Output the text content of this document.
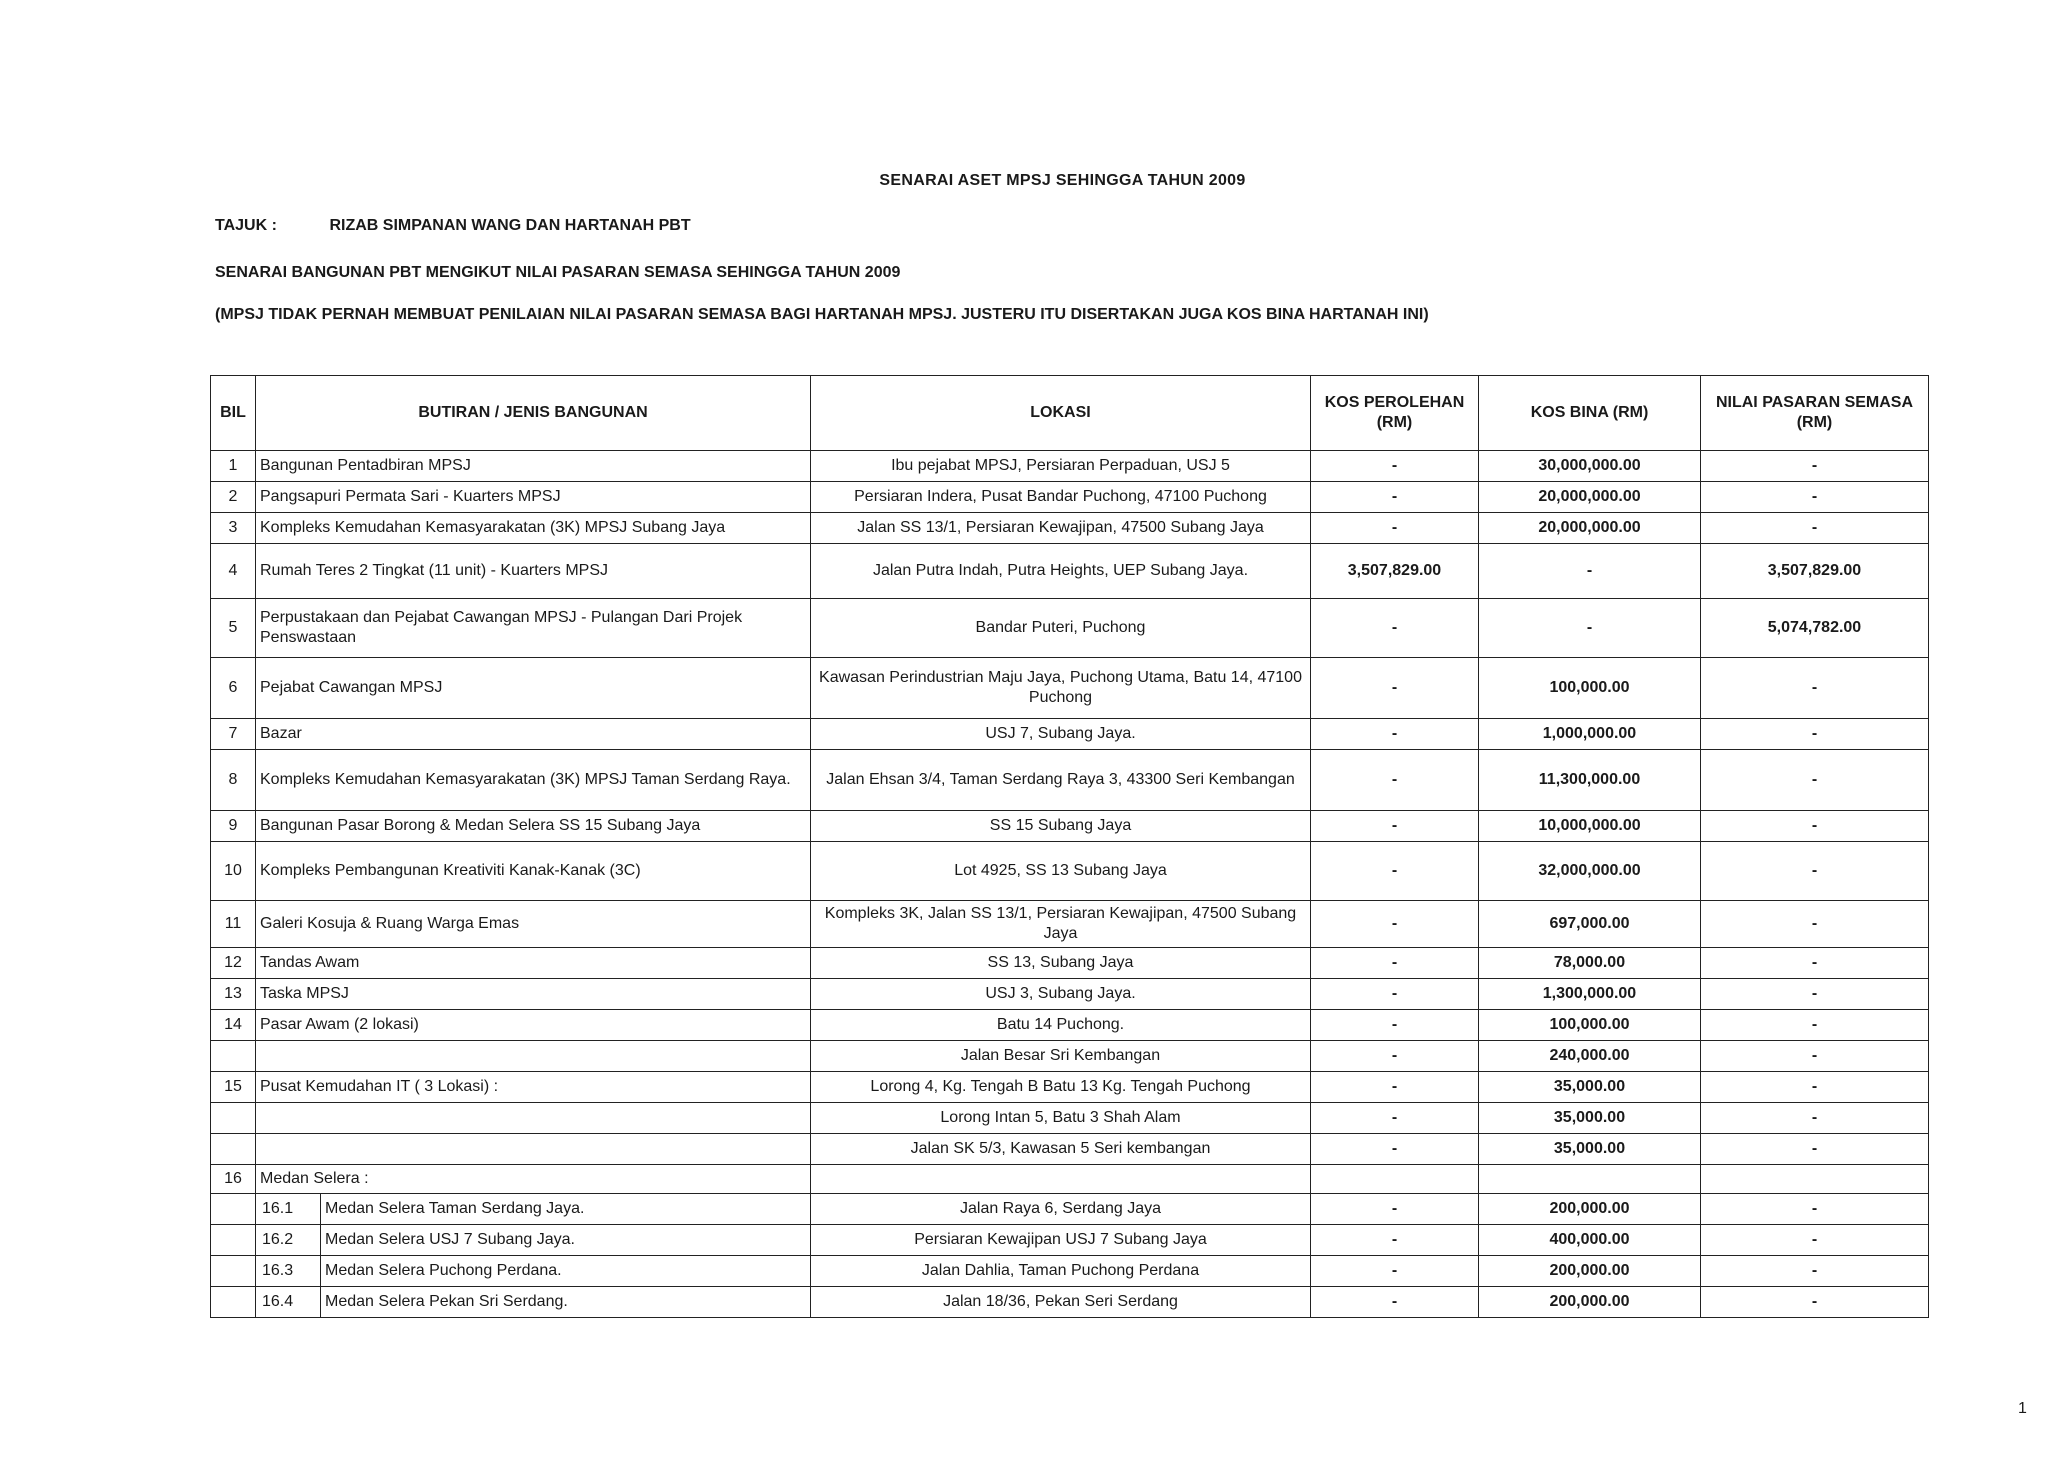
SENARAI ASET MPSJ SEHINGGA TAHUN 2009
TAJUK :	RIZAB SIMPANAN WANG DAN HARTANAH PBT
SENARAI BANGUNAN PBT MENGIKUT NILAI PASARAN SEMASA SEHINGGA TAHUN 2009
(MPSJ TIDAK PERNAH MEMBUAT PENILAIAN NILAI PASARAN SEMASA BAGI HARTANAH MPSJ. JUSTERU ITU DISERTAKAN JUGA KOS BINA HARTANAH INI)
BIL	BUTIRAN / JENIS BANGUNAN		LOKASI	KOS PEROLEHAN (RM)	KOS BINA (RM)	NILAI PASARAN SEMASA (RM)
1	Bangunan Pentadbiran MPSJ		Ibu pejabat MPSJ, Persiaran Perpaduan, USJ 5	-	30,000,000.00	-
2	Pangsapuri Permata Sari - Kuarters MPSJ		Persiaran Indera, Pusat Bandar Puchong, 47100 Puchong	-	20,000,000.00	-
3	Kompleks Kemudahan Kemasyarakatan (3K) MPSJ Subang Jaya		Jalan SS 13/1, Persiaran Kewajipan, 47500 Subang Jaya	-	20,000,000.00	-
4	Rumah Teres 2 Tingkat (11 unit) - Kuarters MPSJ		Jalan Putra Indah, Putra Heights, UEP Subang Jaya.	3,507,829.00	-	3,507,829.00
5	Perpustakaan dan Pejabat Cawangan MPSJ - Pulangan Dari Projek Penswastaan		Bandar Puteri, Puchong	-	-	5,074,782.00
6	Pejabat Cawangan MPSJ		Kawasan Perindustrian Maju Jaya, Puchong Utama, Batu 14, 47100 Puchong	-	100,000.00	-
7	Bazar		USJ 7, Subang Jaya.	-	1,000,000.00	-
8	Kompleks Kemudahan Kemasyarakatan (3K) MPSJ Taman Serdang Raya.		Jalan Ehsan 3/4, Taman Serdang Raya 3, 43300 Seri Kembangan	-	11,300,000.00	-
9	Bangunan Pasar Borong & Medan Selera SS 15 Subang Jaya		SS 15 Subang Jaya	-	10,000,000.00	-
10	Kompleks Pembangunan Kreativiti Kanak-Kanak (3C)		Lot 4925, SS 13 Subang Jaya	-	32,000,000.00	-
11	Galeri Kosuja & Ruang Warga Emas		Kompleks 3K, Jalan SS 13/1, Persiaran Kewajipan, 47500 Subang Jaya	-	697,000.00	-
12	Tandas Awam		SS 13, Subang Jaya	-	78,000.00	-
13	Taska MPSJ		USJ 3, Subang Jaya.	-	1,300,000.00	-
14	Pasar Awam (2 lokasi)		Batu 14 Puchong.	-	100,000.00	-
			Jalan Besar Sri Kembangan	-	240,000.00	-
15	Pusat Kemudahan IT ( 3 Lokasi) :		Lorong 4, Kg. Tengah B Batu 13 Kg. Tengah Puchong	-	35,000.00	-
			Lorong Intan 5, Batu 3 Shah Alam	-	35,000.00	-
			Jalan SK 5/3, Kawasan 5 Seri kembangan	-	35,000.00	-
16	Medan Selera :					
	16.1	Medan Selera Taman Serdang Jaya.	Jalan Raya 6, Serdang Jaya	-	200,000.00	-
	16.2	Medan Selera USJ 7 Subang Jaya.	Persiaran Kewajipan USJ 7 Subang Jaya	-	400,000.00	-
	16.3	Medan Selera Puchong Perdana.	Jalan Dahlia, Taman Puchong Perdana	-	200,000.00	-
	16.4	Medan Selera Pekan Sri Serdang.	Jalan 18/36, Pekan Seri Serdang	-	200,000.00	-
1
